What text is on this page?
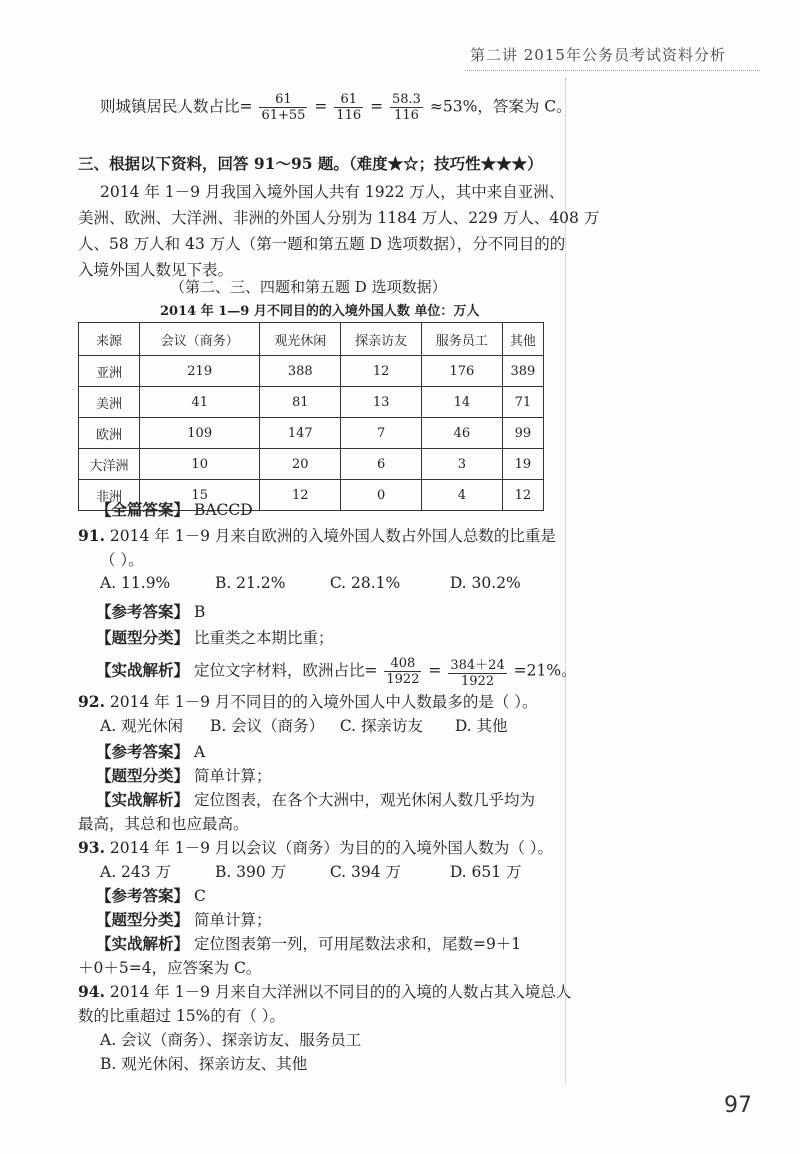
第二讲 2015年公务员考试资料分析
则城镇居民人数占比= $\frac{61}{61+55} = \frac{61}{116} = \frac{58.3}{116} \approx 53\%$，答案为 C。
三、根据以下资料，回答 91～95 题。（难度★☆；技巧性★★★）
2014 年 1－9 月我国入境外国人共有 1922 万人，其中来自亚洲、
美洲、欧洲、大洋洲、非洲的外国人分别为 1184 万人、229 万人、408 万
人、58 万人和 43 万人（第一题和第五题 D 选项数据），分不同目的的
入境外国人数见下表。
（第二、三、四题和第五题 D 选项数据）
2014 年 1—9 月不同目的的入境外国人数 单位：万人
来源	会议（商务）	观光休闲	探亲访友	服务员工	其他
亚洲	219	388	12	176	389
美洲	41	81	13	14	71
欧洲	109	147	7	46	99
大洋洲	10	20	6	3	19
非洲	15	12	0	4	12
【全篇答案】 BACCD
91. 2014 年 1－9 月来自欧洲的入境外国人数占外国人总数的比重是
（ ）。
A. 11.9%	B. 21.2%	C. 28.1%	D. 30.2%
【参考答案】 B
【题型分类】 比重类之本期比重；
【实战解析】 定位文字材料，欧洲占比= $\frac{408}{1922} = \frac{384+24}{1922} =21\%$。
92. 2014 年 1－9 月不同目的的入境外国人中人数最多的是（ ）。
A. 观光休闲 B. 会议（商务） C. 探亲访友 D. 其他
【参考答案】 A
【题型分类】 简单计算；
【实战解析】 定位图表，在各个大洲中，观光休闲人数几乎均为
最高，其总和也应最高。
93. 2014 年 1－9 月以会议（商务）为目的的入境外国人数为（ ）。
A. 243 万	B. 390 万	C. 394 万	D. 651 万
【参考答案】 C
【题型分类】 简单计算；
【实战解析】 定位图表第一列，可用尾数法求和，尾数=9＋1
＋0＋5=4，应答案为 C。
94. 2014 年 1－9 月来自大洋洲以不同目的的入境的人数占其入境总人
数的比重超过 15%的有（ ）。
A. 会议（商务）、探亲访友、服务员工
B. 观光休闲、探亲访友、其他
97
